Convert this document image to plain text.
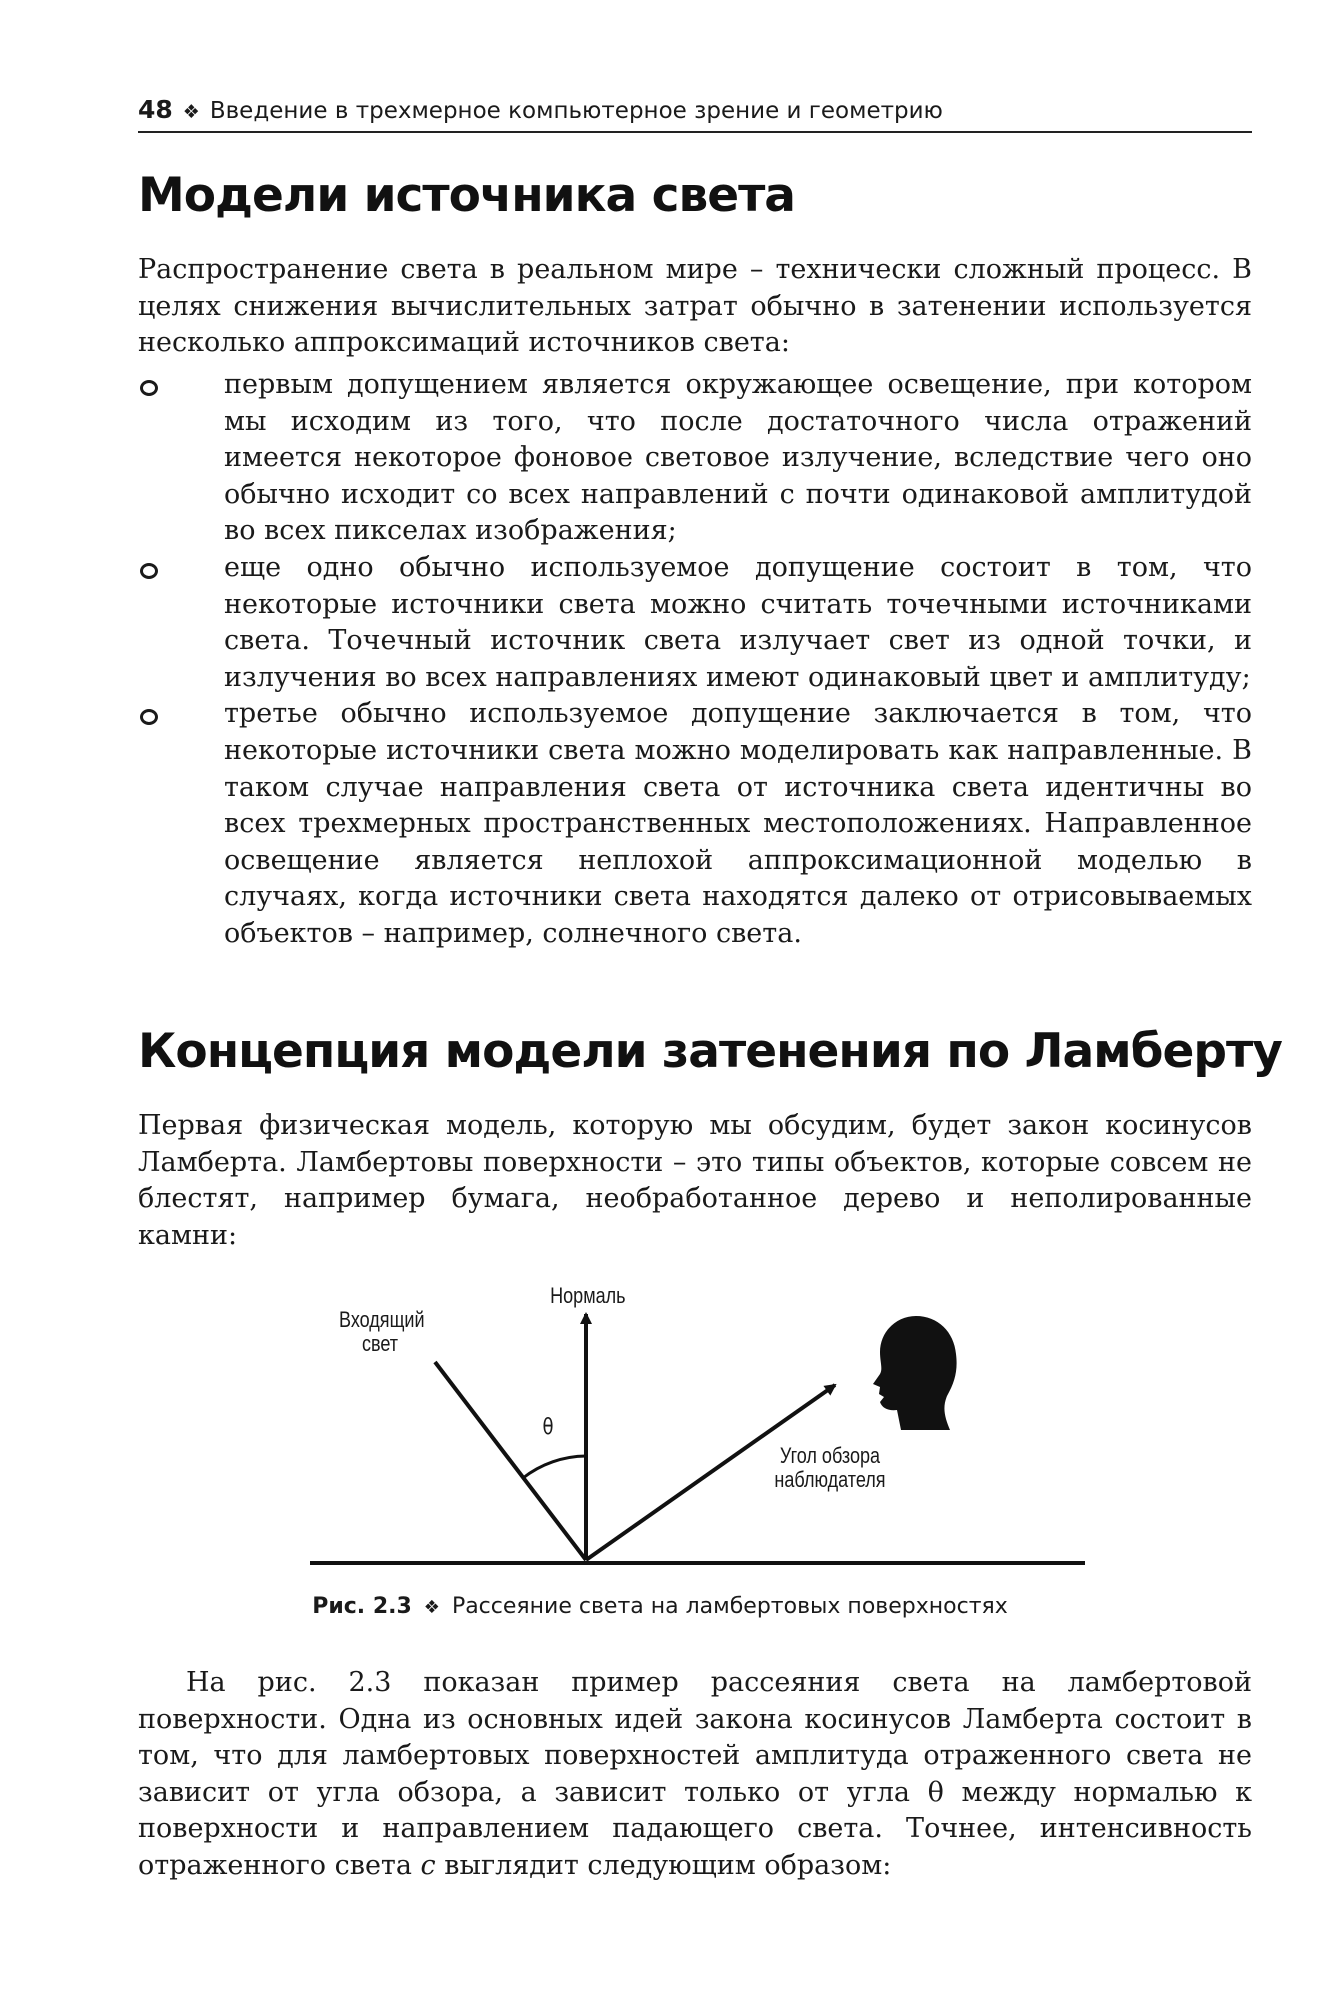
48 ❖ Введение в трехмерное компьютерное зрение и геометрию
Модели источника света

Распространение света в реальном мире – технически сложный процесс. В целях снижения вычислительных затрат обычно в затенении используется несколько аппроксимаций источников света:

первым допущением является окружающее освещение, при котором мы исходим из того, что после достаточного числа отражений имеется некоторое фоновое световое излучение, вследствие чего оно обычно исходит со всех направлений с почти одинаковой амплитудой во всех пикселах изображения;
еще одно обычно используемое допущение состоит в том, что некоторые источники света можно считать точечными источниками света. Точечный источник света излучает свет из одной точки, и излучения во всех направлениях имеют одинаковый цвет и амплитуду;
третье обычно используемое допущение заключается в том, что некоторые источники света можно моделировать как направленные. В таком случае направления света от источника света идентичны во всех трехмерных пространственных местоположениях. Направленное освещение является неплохой аппроксимационной моделью в случаях, когда источники света находятся далеко от отрисовываемых объектов – например, солнечного света.
Концепция модели затенения по Ламберту

Первая физическая модель, которую мы обсудим, будет закон косинусов Ламберта. Ламбертовы поверхности – это типы объектов, которые совсем не блестят, например бумага, необработанное дерево и неполированные камни:

Нормаль
Входящий
свет
θ
Угол обзора
наблюдателя
Рис. 2.3 ❖ Рассеяние света на ламбертовых поверхностях

На рис. 2.3 показан пример рассеяния света на ламбертовой поверхности. Одна из основных идей закона косинусов Ламберта состоит в том, что для ламбертовых поверхностей амплитуда отраженного света не зависит от угла обзора, а зависит только от угла θ между нормалью к поверхности и направлением падающего света. Точнее, интенсивность отраженного света c выглядит следующим образом:
